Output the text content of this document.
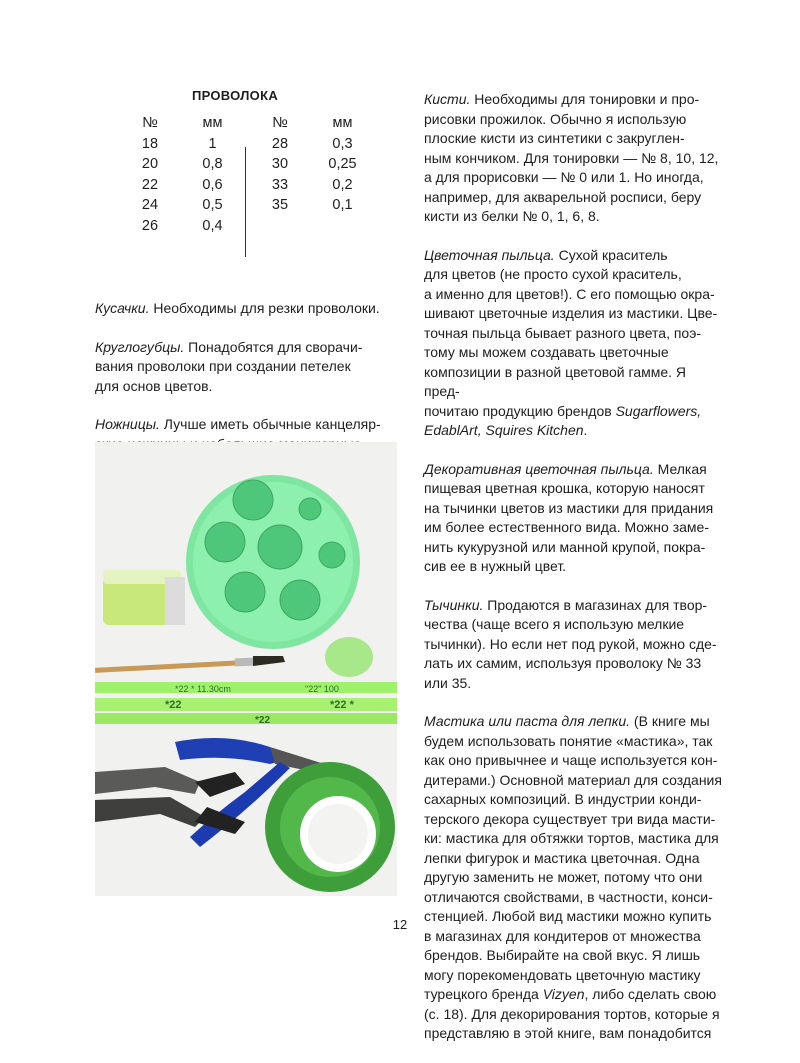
ПРОВОЛОКА
№
18
20
22
24
26
мм
1
0,8
0,6
0,5
0,4
№
28
30
33
35
мм
0,3
0,25
0,2
0,1

Кусачки. Необходимы для резки проволоки.

Круглогубцы. Понадобятся для сворачи-
вания проволоки при создании петелек
для основ цветов.

Ножницы. Лучше иметь обычные канцеляр-

*22 * 11.30cm	"22" 100
*22	*22 *
*22

Кисти. Необходимы для тонировки и про-
рисовки прожилок. Обычно я использую
плоские кисти из синтетики с закруглен-
ным кончиком. Для тонировки — № 8, 10, 12,
а для прорисовки — № 0 или 1. Но иногда,
например, для акварельной росписи, беру
кисти из белки № 0, 1, 6, 8.

Цветочная пыльца. Сухой краситель
для цветов (не просто сухой краситель,
а именно для цветов!). С его помощью окра-
шивают цветочные изделия из мастики. Цве-
точная пыльца бывает разного цвета, поэ-
тому мы можем создавать цветочные
композиции в разной цветовой гамме. Я пред-
почитаю продукцию брендов Sugarflowers,
EdablArt, Squires Kitchen.

Декоративная цветочная пыльца. Мелкая
пищевая цветная крошка, которую наносят
на тычинки цветов из мастики для придания
им более естественного вида. Можно заме-
нить кукурузной или манной крупой, покра-
сив ее в нужный цвет.

Тычинки. Продаются в магазинах для твор-
чества (чаще всего я использую мелкие
тычинки). Но если нет под рукой, можно сде-
лать их самим, используя проволоку № 33
или 35.

Мастика или паста для лепки. (В книге мы
будем использовать понятие «мастика», так
как оно привычнее и чаще используется кон-
дитерами.) Основной материал для создания
сахарных композиций. В индустрии конди-
терского декора существует три вида масти-
ки: мастика для обтяжки тортов, мастика для
лепки фигурок и мастика цветочная. Одна
другую заменить не может, потому что они
отличаются свойствами, в частности, конси-
стенцией. Любой вид мастики можно купить
в магазинах для кондитеров от множества
брендов. Выбирайте на свой вкус. Я лишь
могу порекомендовать цветочную мастику
турецкого бренда Vizyen, либо сделать свою
(с. 18). Для декорирования тортов, которые я
представляю в этой книге, вам понадобится

12
